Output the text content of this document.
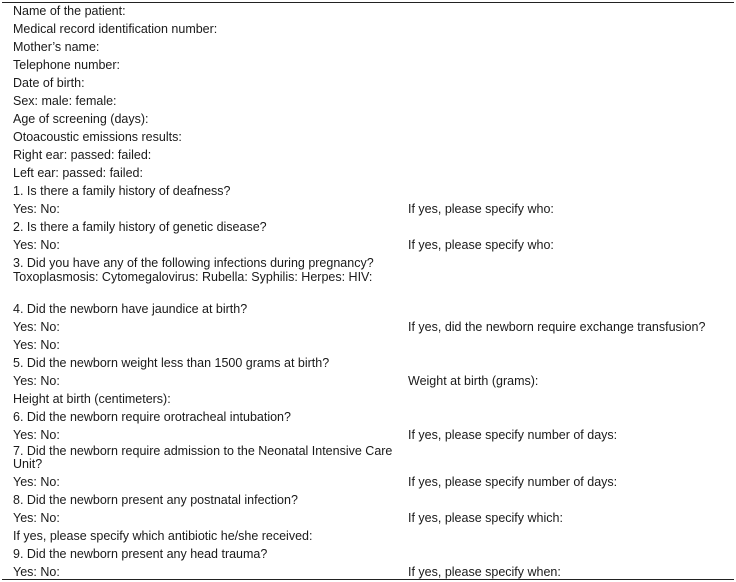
Name of the patient:
Medical record identification number:
Mother’s name:
Telephone number:
Date of birth:
Sex: male: female:
Age of screening (days):
Otoacoustic emissions results:
Right ear: passed: failed:
Left ear: passed: failed:
1. Is there a family history of deafness?
Yes: No:	If yes, please specify who:
2. Is there a family history of genetic disease?
Yes: No:	If yes, please specify who:
3. Did you have any of the following infections during pregnancy?
Toxoplasmosis: Cytomegalovirus: Rubella: Syphilis: Herpes: HIV:
4. Did the newborn have jaundice at birth?
Yes: No:	If yes, did the newborn require exchange transfusion?
Yes: No:
5. Did the newborn weight less than 1500 grams at birth?
Yes: No:	Weight at birth (grams):
Height at birth (centimeters):
6. Did the newborn require orotracheal intubation?
Yes: No:	If yes, please specify number of days:
7. Did the newborn require admission to the Neonatal Intensive Care Unit?
Yes: No:	If yes, please specify number of days:
8. Did the newborn present any postnatal infection?
Yes: No:	If yes, please specify which:
If yes, please specify which antibiotic he/she received:
9. Did the newborn present any head trauma?
Yes: No:	If yes, please specify when:
